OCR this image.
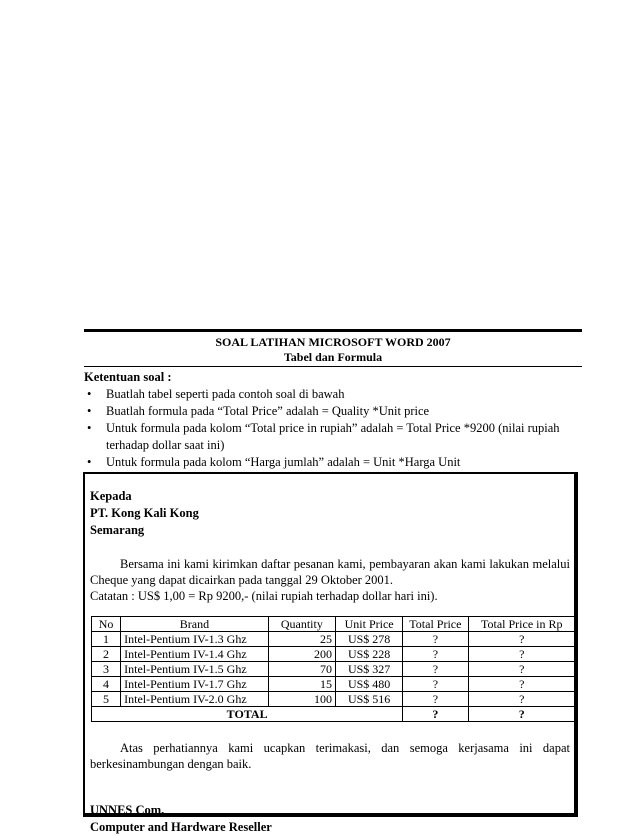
SOAL LATIHAN MICROSOFT WORD 2007
Tabel dan Formula
Ketentuan soal :
• Buatlah tabel seperti pada contoh soal di bawah
• Buatlah formula pada “Total Price” adalah = Quality *Unit price
• Untuk formula pada kolom “Total price in rupiah” adalah = Total Price *9200 (nilai rupiah terhadap dollar saat ini)
• Untuk formula pada kolom “Harga jumlah” adalah = Unit *Harga Unit
Kepada
PT. Kong Kali Kong
Semarang
Bersama ini kami kirimkan daftar pesanan kami, pembayaran akan kami lakukan melalui Cheque yang dapat dicairkan pada tanggal 29 Oktober 2001.
Catatan : US$ 1,00 = Rp 9200,- (nilai rupiah terhadap dollar hari ini).
No	Brand	Quantity	Unit Price	Total Price	Total Price in Rp
1	Intel-Pentium IV-1.3 Ghz	25	US$ 278	?	?
2	Intel-Pentium IV-1.4 Ghz	200	US$ 228	?	?
3	Intel-Pentium IV-1.5 Ghz	70	US$ 327	?	?
4	Intel-Pentium IV-1.7 Ghz	15	US$ 480	?	?
5	Intel-Pentium IV-2.0 Ghz	100	US$ 516	?	?
TOTAL				?	?
Atas perhatiannya kami ucapkan terimakasi, dan semoga kerjasama ini dapat berkesinambungan dengan baik.
UNNES Com.
Computer and Hardware Reseller
